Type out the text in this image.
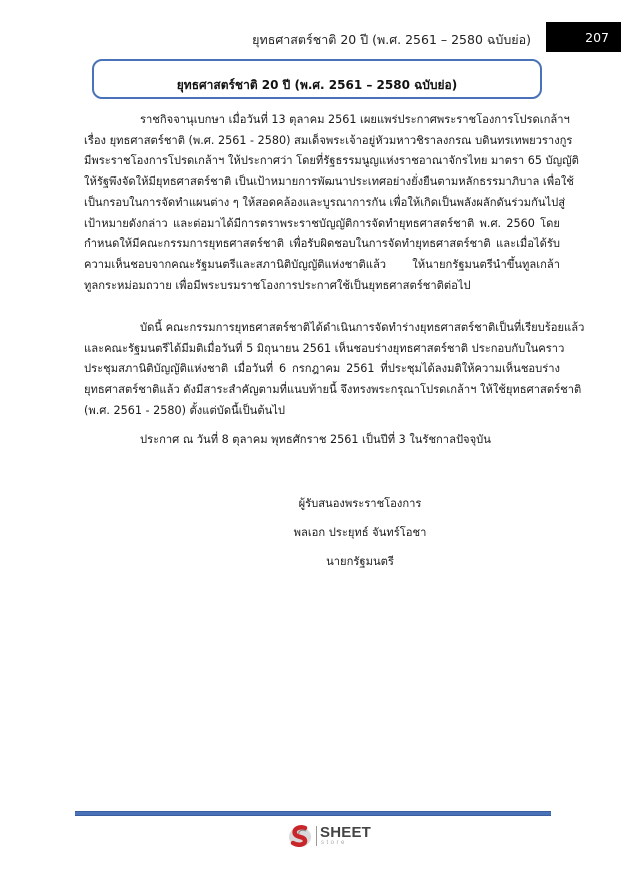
ยุทธศาสตร์ชาติ 20 ปี (พ.ศ. 2561 – 2580 ฉบับย่อ)	207
ยุทธศาสตร์ชาติ 20 ปี (พ.ศ. 2561 – 2580 ฉบับย่อ)
ราชกิจจานุเบกษา เมื่อวันที่ 13 ตุลาคม 2561 เผยแพร่ประกาศพระราชโองการโปรดเกล้าฯ
เรื่อง ยุทธศาสตร์ชาติ (พ.ศ. 2561 - 2580) สมเด็จพระเจ้าอยู่หัวมหาวชิราลงกรณ บดินทรเทพยวรางกูร
มีพระราชโองการโปรดเกล้าฯ ให้ประกาศว่า โดยที่รัฐธรรมนูญแห่งราชอาณาจักรไทย มาตรา 65 บัญญัติ
ให้รัฐพึงจัดให้มียุทธศาสตร์ชาติ เป็นเป้าหมายการพัฒนาประเทศอย่างยั่งยืนตามหลักธรรมาภิบาล เพื่อใช้
เป็นกรอบในการจัดทำแผนต่าง ๆ ให้สอดคล้องและบูรณาการกัน เพื่อให้เกิดเป็นพลังผลักดันร่วมกันไปสู่
เป้าหมายดังกล่าว และต่อมาได้มีการตราพระราชบัญญัติการจัดทำยุทธศาสตร์ชาติ พ.ศ. 2560 โดย
กำหนดให้มีคณะกรรมการยุทธศาสตร์ชาติ เพื่อรับผิดชอบในการจัดทำยุทธศาสตร์ชาติ และเมื่อได้รับ
ความเห็นชอบจากคณะรัฐมนตรีและสภานิติบัญญัติแห่งชาติแล้ว ให้นายกรัฐมนตรีนำขึ้นทูลเกล้า
ทูลกระหม่อมถวาย เพื่อมีพระบรมราชโองการประกาศใช้เป็นยุทธศาสตร์ชาติต่อไป
บัดนี้ คณะกรรมการยุทธศาสตร์ชาติได้ดำเนินการจัดทำร่างยุทธศาสตร์ชาติเป็นที่เรียบร้อยแล้ว
และคณะรัฐมนตรีได้มีมติเมื่อวันที่ 5 มิถุนายน 2561 เห็นชอบร่างยุทธศาสตร์ชาติ ประกอบกับในคราว
ประชุมสภานิติบัญญัติแห่งชาติ เมื่อวันที่ 6 กรกฎาคม 2561 ที่ประชุมได้ลงมติให้ความเห็นชอบร่าง
ยุทธศาสตร์ชาติแล้ว ดังมีสาระสำคัญตามที่แนบท้ายนี้ จึงทรงพระกรุณาโปรดเกล้าฯ ให้ใช้ยุทธศาสตร์ชาติ
(พ.ศ. 2561 - 2580) ตั้งแต่บัดนี้เป็นต้นไป
ประกาศ ณ วันที่ 8 ตุลาคม พุทธศักราช 2561 เป็นปีที่ 3 ในรัชกาลปัจจุบัน
ผู้รับสนองพระราชโองการ
พลเอก ประยุทธ์ จันทร์โอชา
นายกรัฐมนตรี
SHEET
store
